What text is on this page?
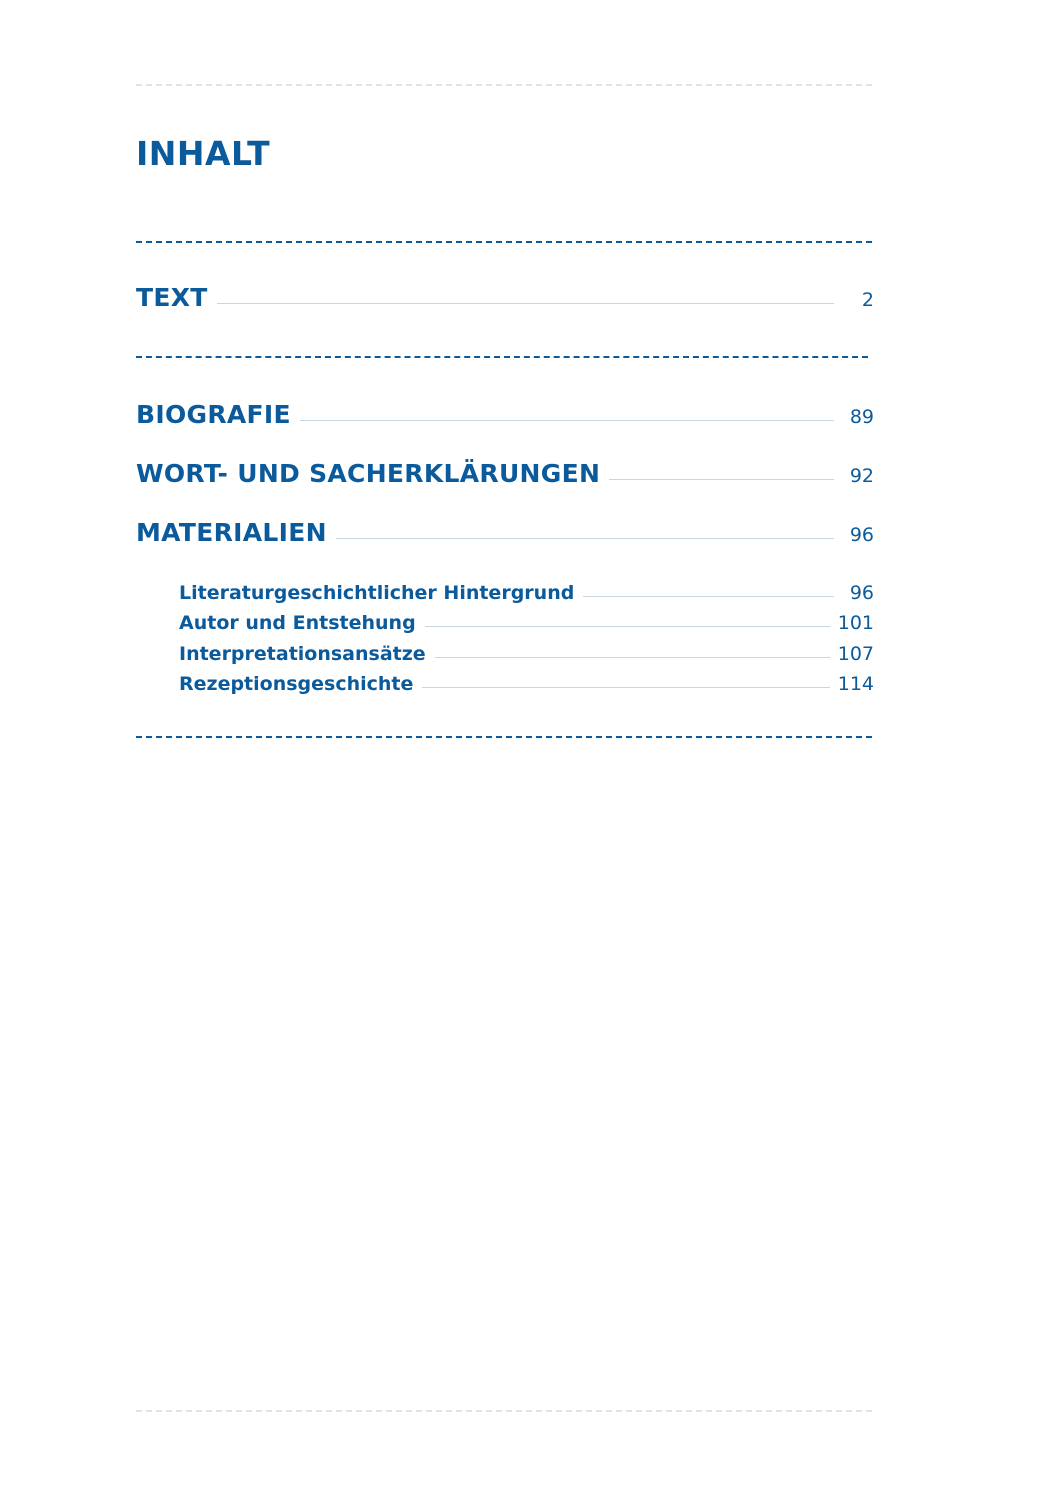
INHALT
TEXT	2
BIOGRAFIE	89
WORT- UND SACHERKLÄRUNGEN	92
MATERIALIEN	96
Literaturgeschichtlicher Hintergrund	96
Autor und Entstehung	101
Interpretationsansätze	107
Rezeptionsgeschichte	114
